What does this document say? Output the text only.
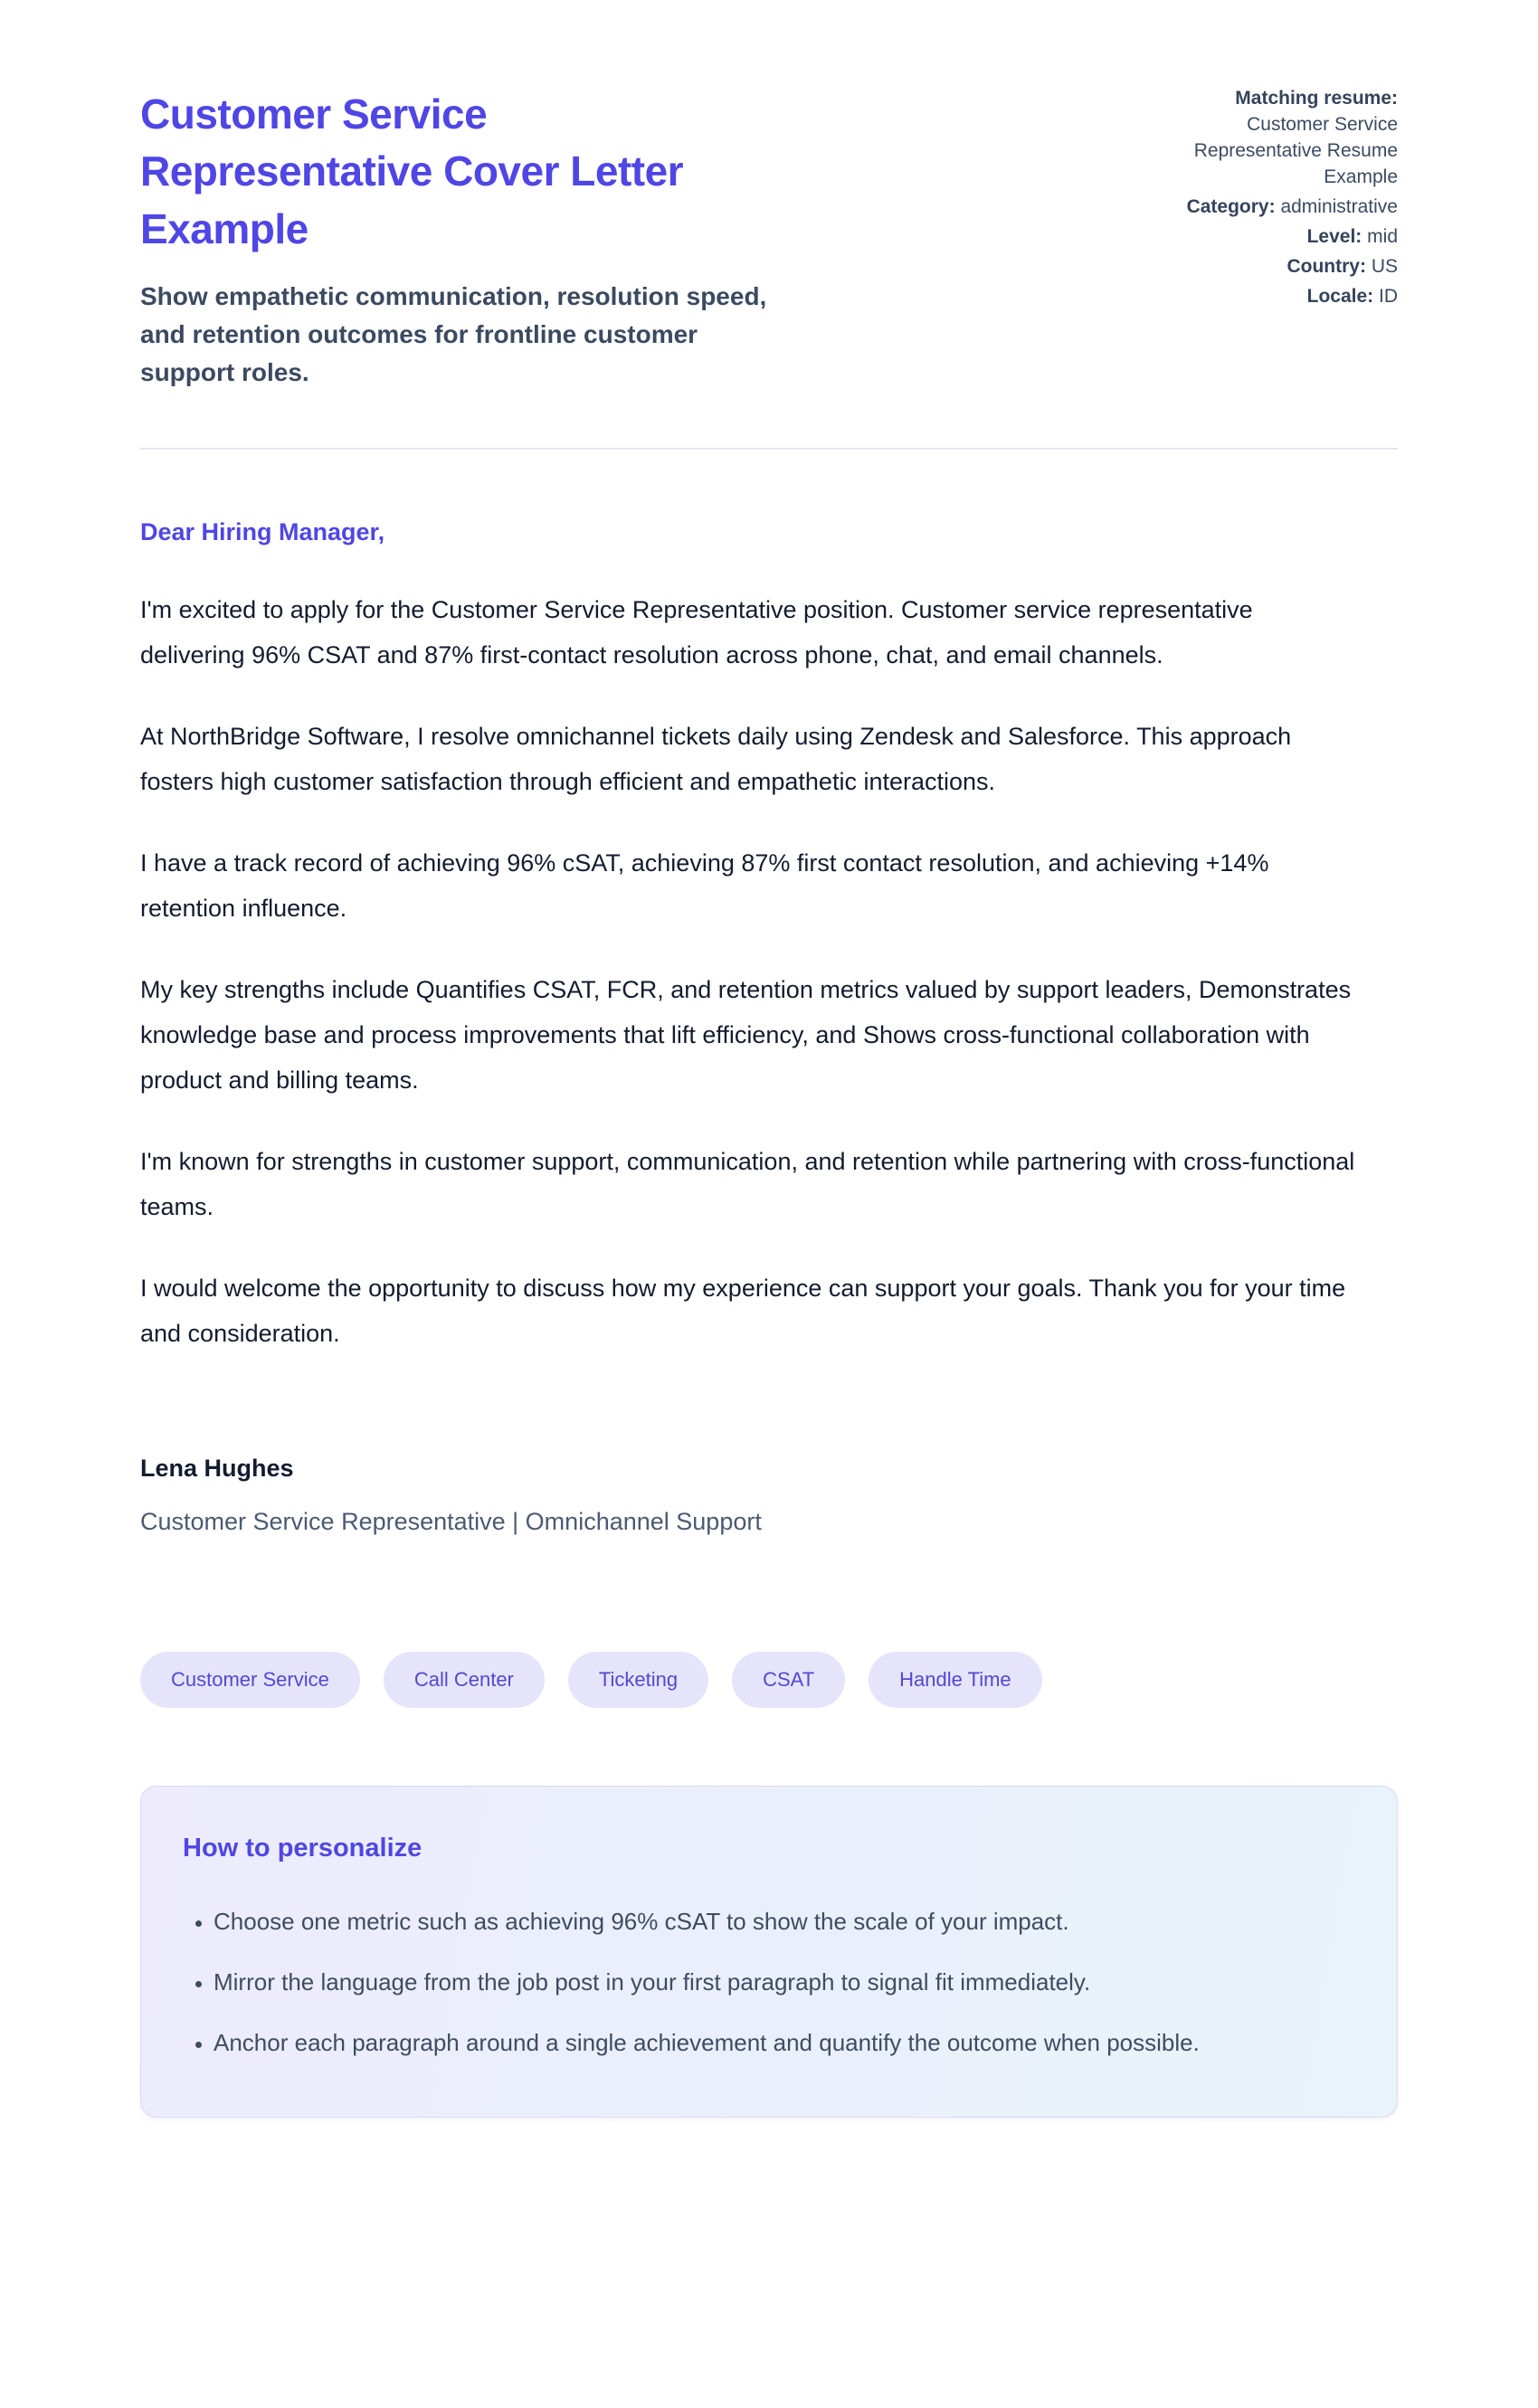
Customer Service Representative Cover Letter Example
Show empathetic communication, resolution speed, and retention outcomes for frontline customer support roles.
Matching resume: Customer Service Representative Resume Example
Category: administrative
Level: mid
Country: US
Locale: ID
Dear Hiring Manager,

I'm excited to apply for the Customer Service Representative position. Customer service representative delivering 96% CSAT and 87% first-contact resolution across phone, chat, and email channels.

At NorthBridge Software, I resolve omnichannel tickets daily using Zendesk and Salesforce. This approach fosters high customer satisfaction through efficient and empathetic interactions.

I have a track record of achieving 96% cSAT, achieving 87% first contact resolution, and achieving +14% retention influence.

My key strengths include Quantifies CSAT, FCR, and retention metrics valued by support leaders, Demonstrates knowledge base and process improvements that lift efficiency, and Shows cross-functional collaboration with product and billing teams.

I'm known for strengths in customer support, communication, and retention while partnering with cross-functional teams.

I would welcome the opportunity to discuss how my experience can support your goals. Thank you for your time and consideration.

Lena Hughes
Customer Service Representative | Omnichannel Support
Customer Service	Call Center	Ticketing	CSAT	Handle Time
How to personalize
• Choose one metric such as achieving 96% cSAT to show the scale of your impact.
• Mirror the language from the job post in your first paragraph to signal fit immediately.
• Anchor each paragraph around a single achievement and quantify the outcome when possible.
